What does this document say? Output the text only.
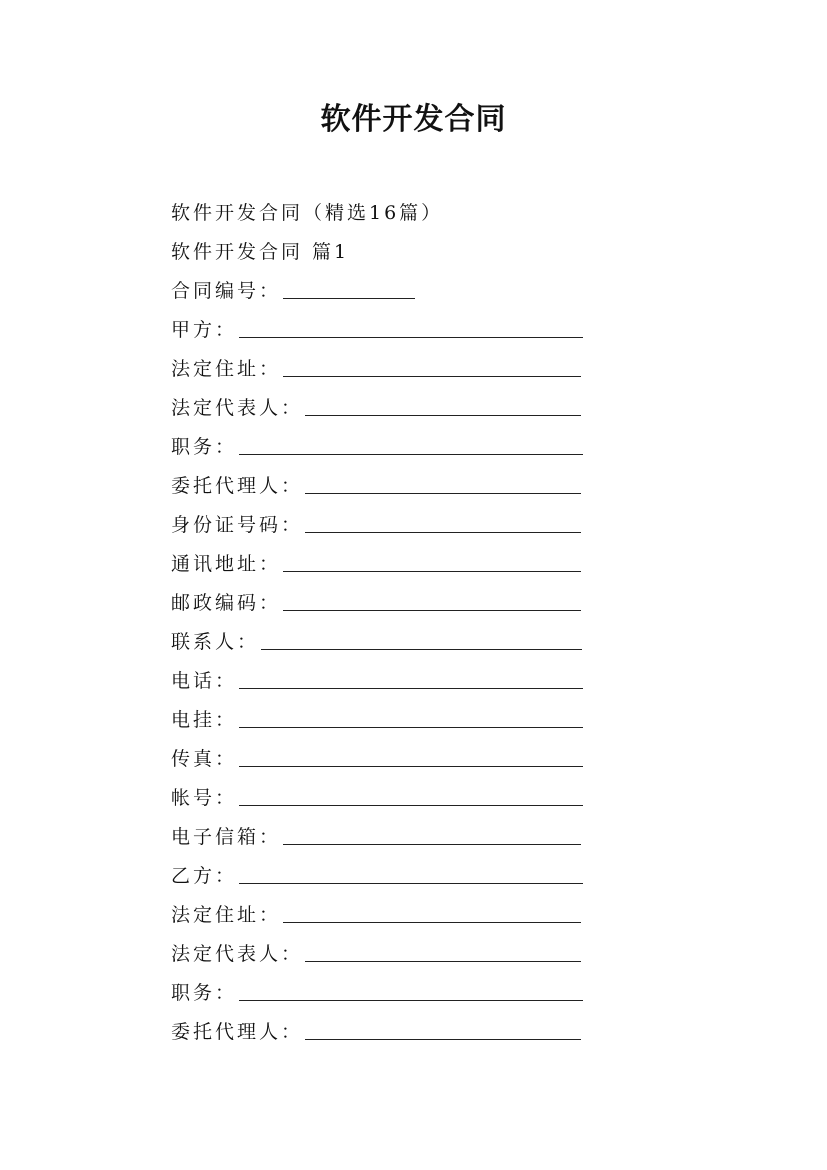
软件开发合同
软件开发合同（精选16篇）
软件开发合同 篇1
合同编号：
甲方：
法定住址：
法定代表人：
职务：
委托代理人：
身份证号码：
通讯地址：
邮政编码：
联系人：
电话：
电挂：
传真：
帐号：
电子信箱：
乙方：
法定住址：
法定代表人：
职务：
委托代理人：
